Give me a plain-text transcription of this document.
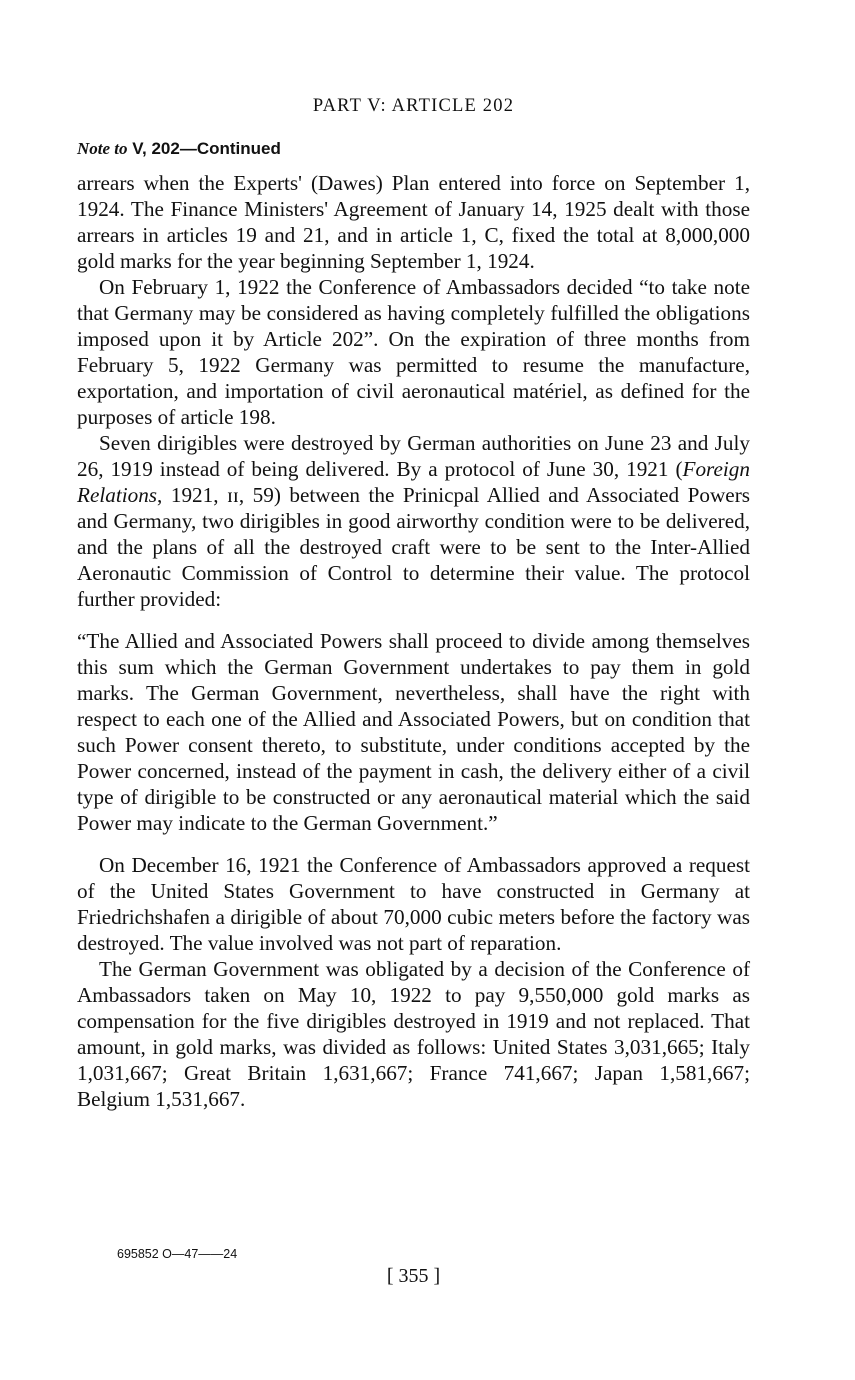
PART V: ARTICLE 202
Note to V, 202—Continued

arrears when the Experts' (Dawes) Plan entered into force on September 1, 1924. The Finance Ministers' Agreement of January 14, 1925 dealt with those arrears in articles 19 and 21, and in article 1, C, fixed the total at 8,000,000 gold marks for the year beginning September 1, 1924.

On February 1, 1922 the Conference of Ambassadors decided “to take note that Germany may be considered as having completely fulfilled the obligations imposed upon it by Article 202”. On the expiration of three months from February 5, 1922 Germany was permitted to resume the manufacture, exportation, and importation of civil aeronautical matériel, as defined for the purposes of article 198.

Seven dirigibles were destroyed by German authorities on June 23 and July 26, 1919 instead of being delivered. By a protocol of June 30, 1921 (Foreign Relations, 1921, ɪɪ, 59) between the Prinicpal Allied and Associated Powers and Germany, two dirigibles in good airworthy condition were to be delivered, and the plans of all the destroyed craft were to be sent to the Inter-Allied Aeronautic Commission of Control to determine their value. The protocol further provided:

“The Allied and Associated Powers shall proceed to divide among themselves this sum which the German Government undertakes to pay them in gold marks. The German Government, nevertheless, shall have the right with respect to each one of the Allied and Associated Powers, but on condition that such Power consent thereto, to substitute, under conditions accepted by the Power concerned, instead of the payment in cash, the delivery either of a civil type of dirigible to be constructed or any aeronautical material which the said Power may indicate to the German Government.”

On December 16, 1921 the Conference of Ambassadors approved a request of the United States Government to have constructed in Germany at Friedrichshafen a dirigible of about 70,000 cubic meters before the factory was destroyed. The value involved was not part of reparation.

The German Government was obligated by a decision of the Conference of Ambassadors taken on May 10, 1922 to pay 9,550,000 gold marks as compensation for the five dirigibles destroyed in 1919 and not replaced. That amount, in gold marks, was divided as follows: United States 3,031,665; Italy 1,031,667; Great Britain 1,631,667; France 741,667; Japan 1,581,667; Belgium 1,531,667.

695852 O—47——24
[ 355 ]
